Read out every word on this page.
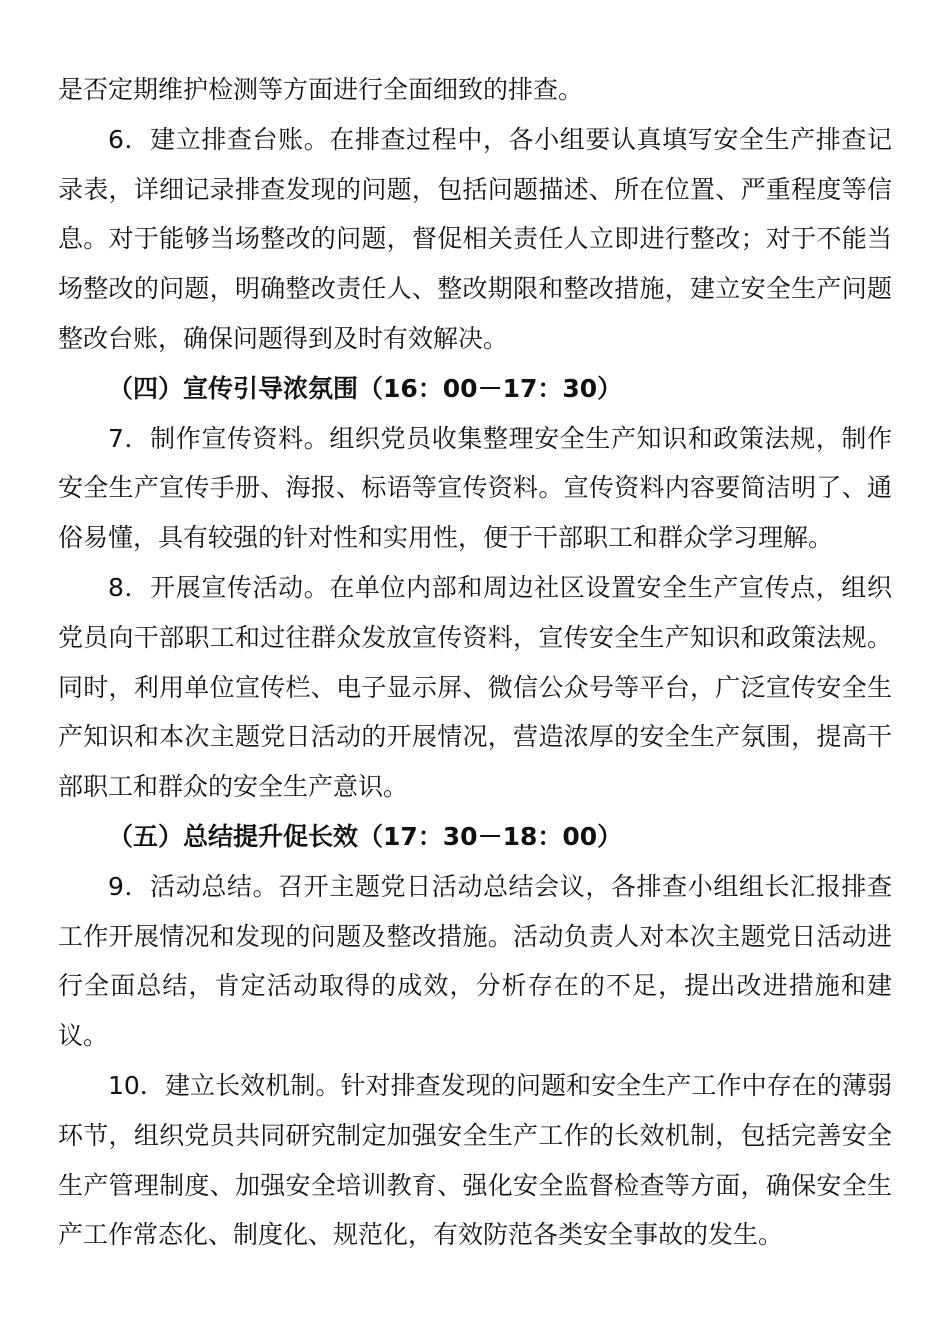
是否定期维护检测等方面进行全面细致的排查。

6．建立排查台账。在排查过程中，各小组要认真填写安全生产排查记录表，详细记录排查发现的问题，包括问题描述、所在位置、严重程度等信息。对于能够当场整改的问题，督促相关责任人立即进行整改；对于不能当场整改的问题，明确整改责任人、整改期限和整改措施，建立安全生产问题整改台账，确保问题得到及时有效解决。

（四）宣传引导浓氛围（16：00－17：30）

7．制作宣传资料。组织党员收集整理安全生产知识和政策法规，制作安全生产宣传手册、海报、标语等宣传资料。宣传资料内容要简洁明了、通俗易懂，具有较强的针对性和实用性，便于干部职工和群众学习理解。

8．开展宣传活动。在单位内部和周边社区设置安全生产宣传点，组织党员向干部职工和过往群众发放宣传资料，宣传安全生产知识和政策法规。同时，利用单位宣传栏、电子显示屏、微信公众号等平台，广泛宣传安全生产知识和本次主题党日活动的开展情况，营造浓厚的安全生产氛围，提高干部职工和群众的安全生产意识。

（五）总结提升促长效（17：30－18：00）

9．活动总结。召开主题党日活动总结会议，各排查小组组长汇报排查工作开展情况和发现的问题及整改措施。活动负责人对本次主题党日活动进行全面总结，肯定活动取得的成效，分析存在的不足，提出改进措施和建议。

10．建立长效机制。针对排查发现的问题和安全生产工作中存在的薄弱环节，组织党员共同研究制定加强安全生产工作的长效机制，包括完善安全生产管理制度、加强安全培训教育、强化安全监督检查等方面，确保安全生产工作常态化、制度化、规范化，有效防范各类安全事故的发生。
